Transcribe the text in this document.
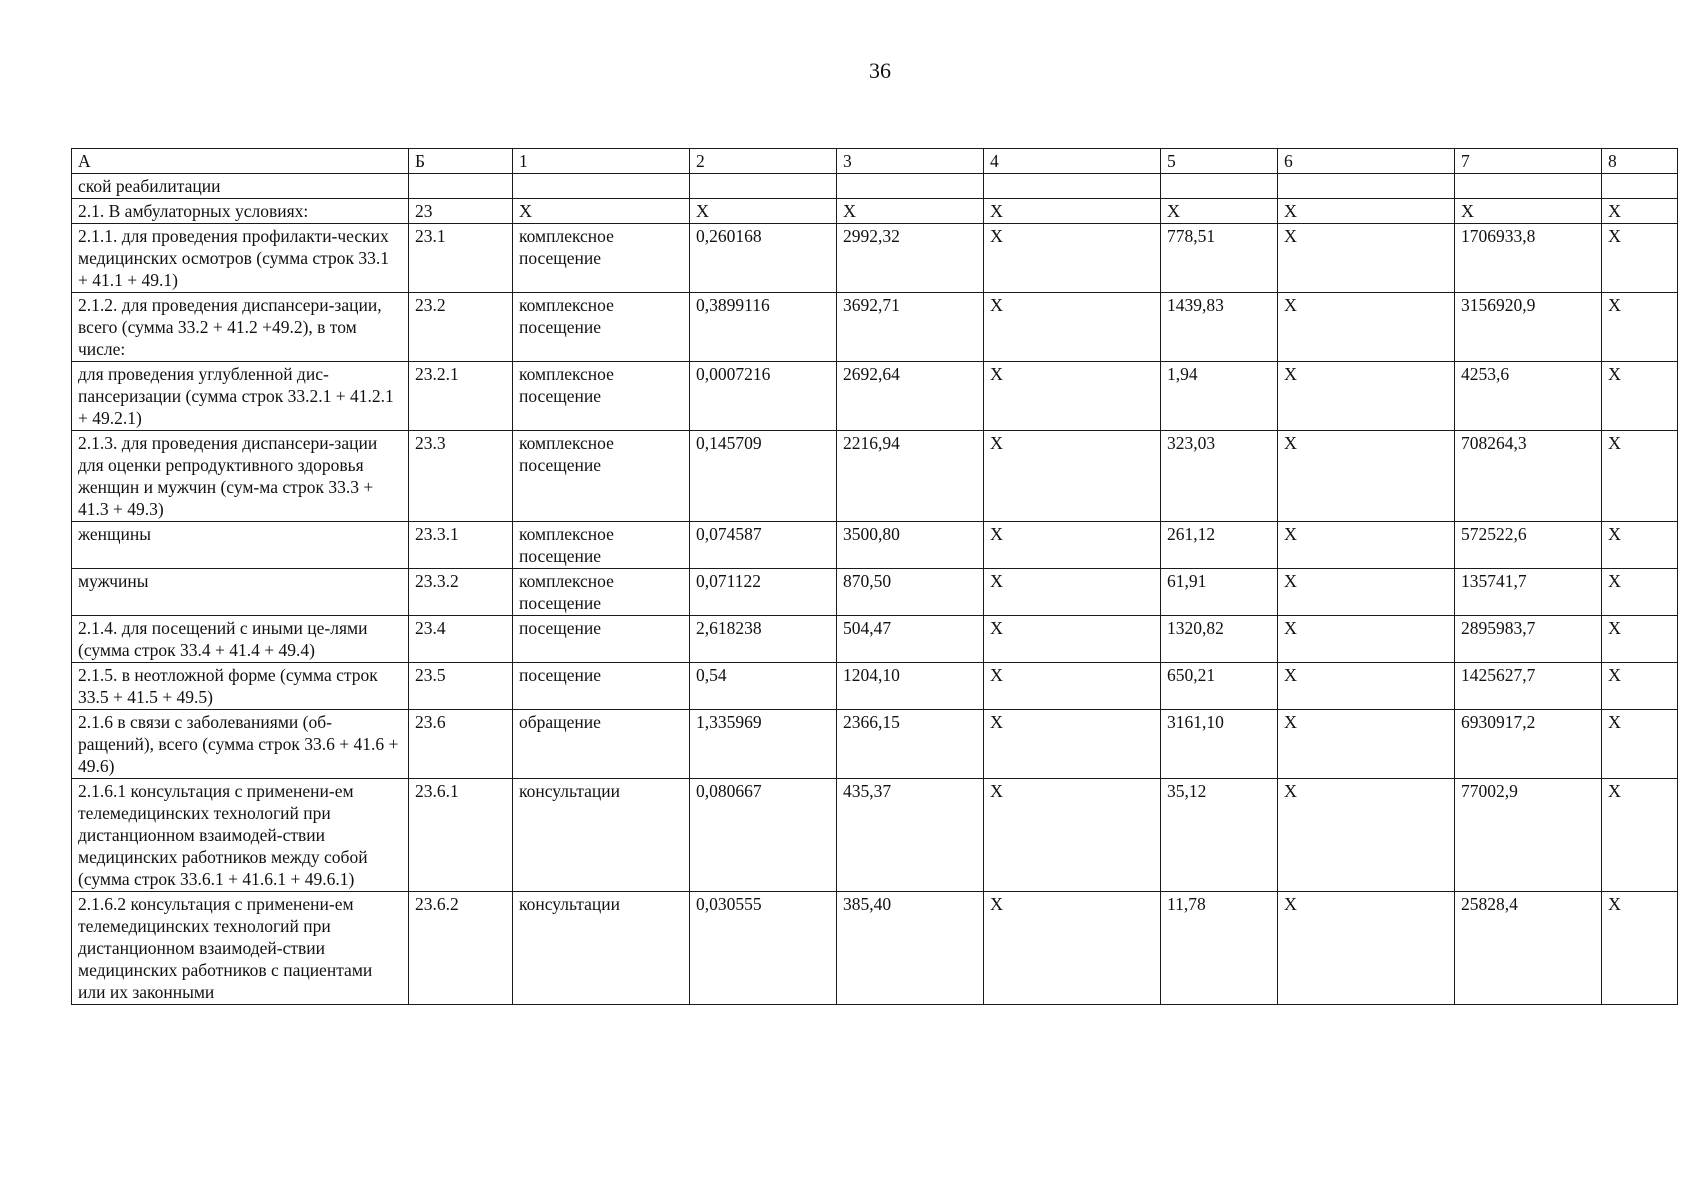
36
А	Б	1	2	3	4	5	6	7	8
ской реабилитации									
2.1. В амбулаторных условиях:	23	X	X	X	X	X	X	X	X
2.1.1. для проведения профилакти-ческих медицинских осмотров (сумма строк 33.1 + 41.1 + 49.1)	23.1	комплексное посещение	0,260168	2992,32	X	778,51	X	1706933,8	X
2.1.2. для проведения диспансери-зации, всего (сумма 33.2 + 41.2 +49.2), в том числе:	23.2	комплексное посещение	0,3899116	3692,71	X	1439,83	X	3156920,9	X
для проведения углубленной дис-пансеризации (сумма строк 33.2.1 + 41.2.1 + 49.2.1)	23.2.1	комплексное посещение	0,0007216	2692,64	X	1,94	X	4253,6	X
2.1.3. для проведения диспансери-зации для оценки репродуктивного здоровья женщин и мужчин (сум-ма строк 33.3 + 41.3 + 49.3)	23.3	комплексное посещение	0,145709	2216,94	X	323,03	X	708264,3	X
женщины	23.3.1	комплексное посещение	0,074587	3500,80	X	261,12	X	572522,6	X
мужчины	23.3.2	комплексное посещение	0,071122	870,50	X	61,91	X	135741,7	X
2.1.4. для посещений с иными це-лями (сумма строк 33.4 + 41.4 + 49.4)	23.4	посещение	2,618238	504,47	X	1320,82	X	2895983,7	X
2.1.5. в неотложной форме (сумма строк 33.5 + 41.5 + 49.5)	23.5	посещение	0,54	1204,10	X	650,21	X	1425627,7	X
2.1.6 в связи с заболеваниями (об-ращений), всего (сумма строк 33.6 + 41.6 + 49.6)	23.6	обращение	1,335969	2366,15	X	3161,10	X	6930917,2	X
2.1.6.1 консультация с применени-ем телемедицинских технологий при дистанционном взаимодей-ствии медицинских работников между собой (сумма строк 33.6.1 + 41.6.1 + 49.6.1)	23.6.1	консультации	0,080667	435,37	X	35,12	X	77002,9	X
2.1.6.2 консультация с применени-ем телемедицинских технологий при дистанционном взаимодей-ствии медицинских работников с пациентами или их законными	23.6.2	консультации	0,030555	385,40	X	11,78	X	25828,4	X
